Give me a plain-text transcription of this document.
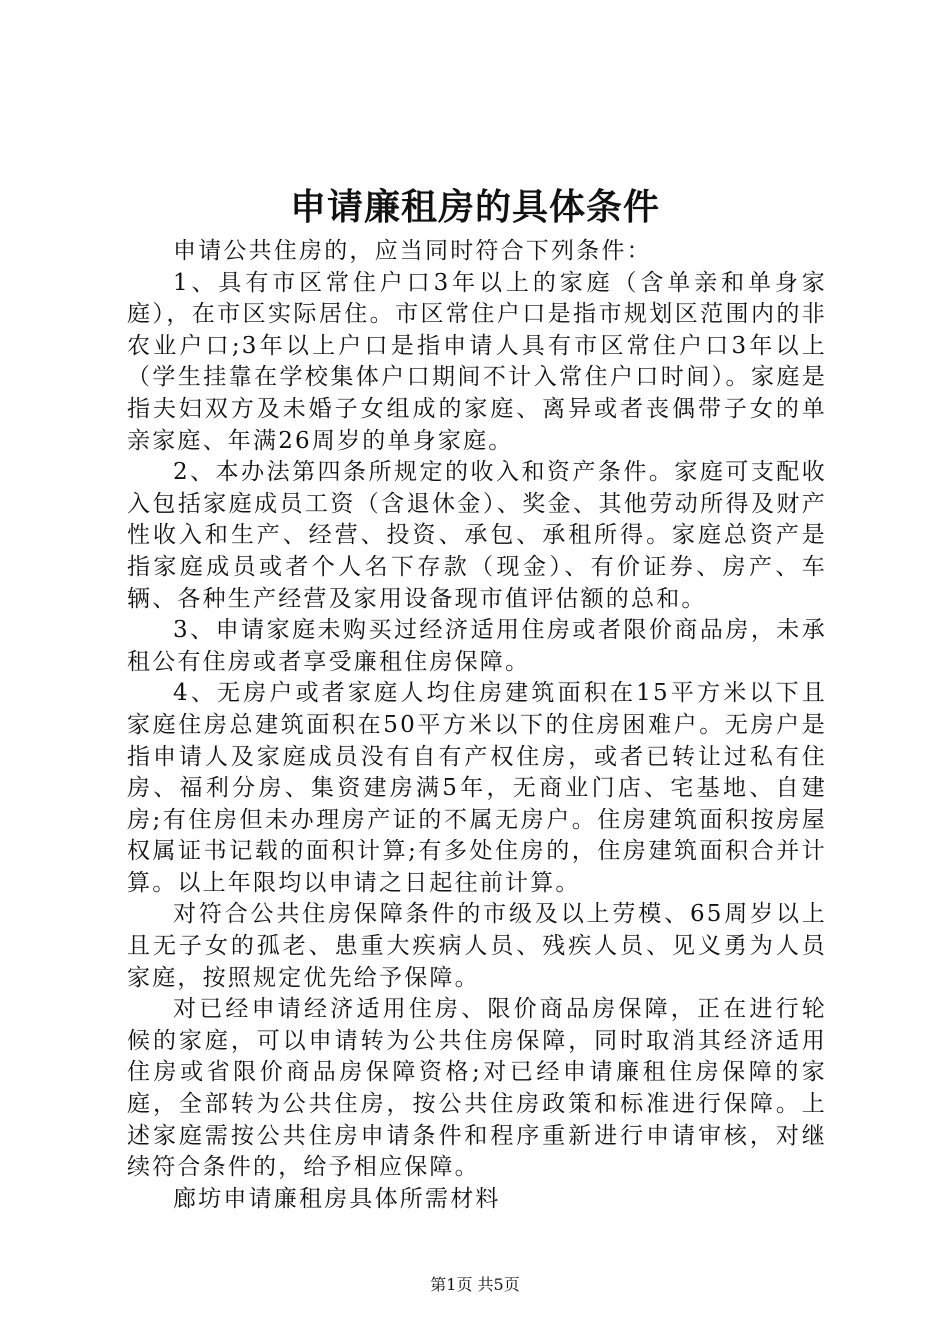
申请廉租房的具体条件

申请公共住房的，应当同时符合下列条件：

1、具有市区常住户口3年以上的家庭（含单亲和单身家庭），在市区实际居住。市区常住户口是指市规划区范围内的非农业户口;3年以上户口是指申请人具有市区常住户口3年以上（学生挂靠在学校集体户口期间不计入常住户口时间）。家庭是指夫妇双方及未婚子女组成的家庭、离异或者丧偶带子女的单亲家庭、年满26周岁的单身家庭。

2、本办法第四条所规定的收入和资产条件。家庭可支配收入包括家庭成员工资（含退休金）、奖金、其他劳动所得及财产性收入和生产、经营、投资、承包、承租所得。家庭总资产是指家庭成员或者个人名下存款（现金）、有价证券、房产、车辆、各种生产经营及家用设备现市值评估额的总和。

3、申请家庭未购买过经济适用住房或者限价商品房，未承租公有住房或者享受廉租住房保障。

4、无房户或者家庭人均住房建筑面积在15平方米以下且家庭住房总建筑面积在50平方米以下的住房困难户。无房户是指申请人及家庭成员没有自有产权住房，或者已转让过私有住房、福利分房、集资建房满5年，无商业门店、宅基地、自建房;有住房但未办理房产证的不属无房户。住房建筑面积按房屋权属证书记载的面积计算;有多处住房的，住房建筑面积合并计算。以上年限均以申请之日起往前计算。

对符合公共住房保障条件的市级及以上劳模、65周岁以上且无子女的孤老、患重大疾病人员、残疾人员、见义勇为人员家庭，按照规定优先给予保障。

对已经申请经济适用住房、限价商品房保障，正在进行轮候的家庭，可以申请转为公共住房保障，同时取消其经济适用住房或省限价商品房保障资格;对已经申请廉租住房保障的家庭，全部转为公共住房，按公共住房政策和标准进行保障。上述家庭需按公共住房申请条件和程序重新进行申请审核，对继续符合条件的，给予相应保障。

廊坊申请廉租房具体所需材料

第1页 共5页
